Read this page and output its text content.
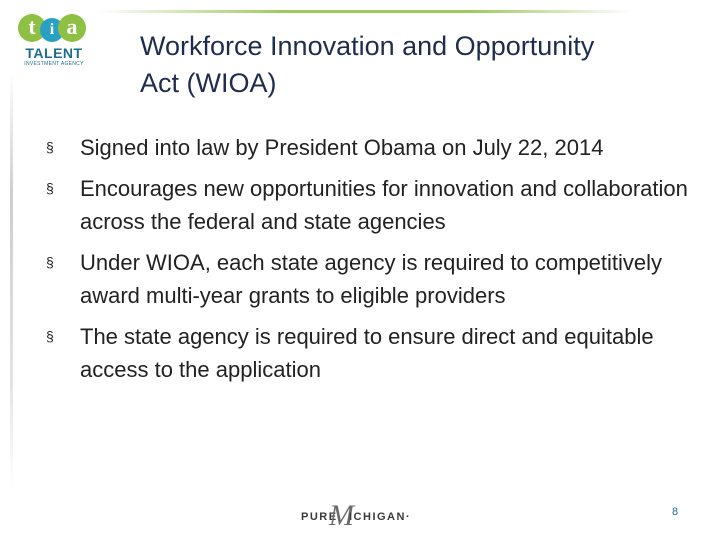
t i a
TALENT
INVESTMENT AGENCY
Workforce Innovation and Opportunity
Act (WIOA)
§ Signed into law by President Obama on July 22, 2014
§ Encourages new opportunities for innovation and collaboration across the federal and state agencies
§ Under WIOA, each state agency is required to competitively award multi-year grants to eligible providers
§ The state agency is required to ensure direct and equitable access to the application
PURE
M
ICHIGAN·	8
